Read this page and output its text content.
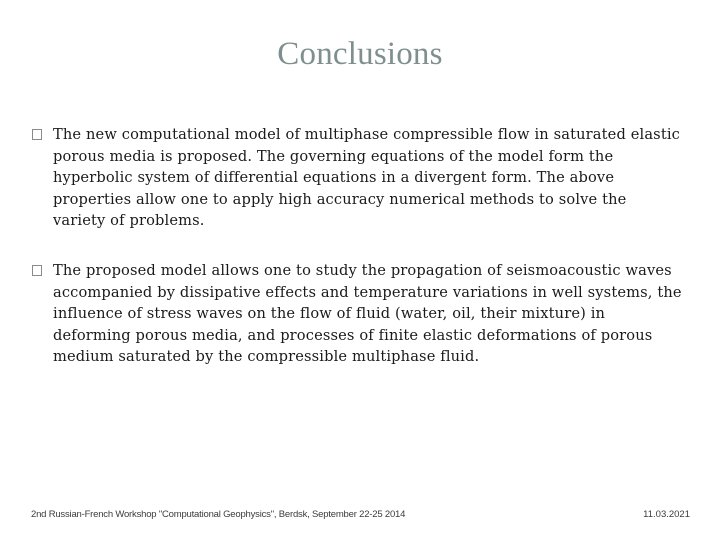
Conclusions
The new computational model of multiphase compressible flow in saturated elastic porous media is proposed. The governing equations of the model form the hyperbolic system of differential equations in a divergent form. The above properties allow one to apply high accuracy numerical methods to solve the variety of problems.
The proposed model allows one to study the propagation of seismoacoustic waves accompanied by dissipative effects and temperature variations in well systems, the influence of stress waves on the flow of fluid (water, oil, their mixture) in deforming porous media, and processes of finite elastic deformations of porous medium saturated by the compressible multiphase fluid.
2nd Russian-French Workshop "Computational Geophysics", Berdsk, September 22-25 2014	11.03.2021
